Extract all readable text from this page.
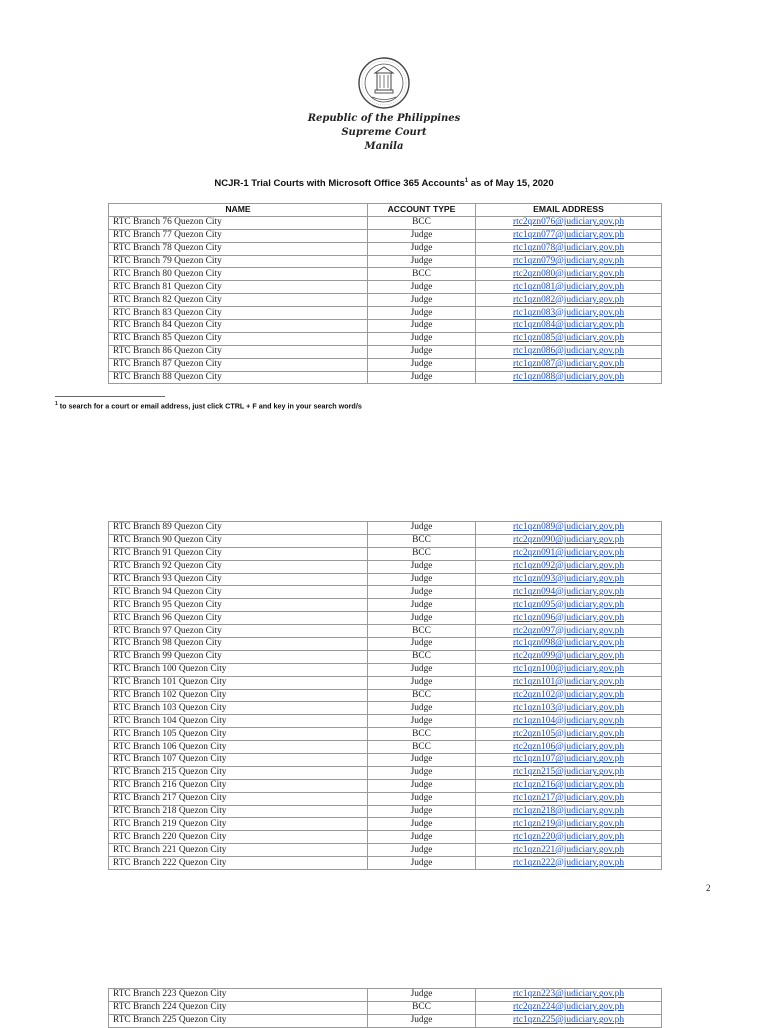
Republic of the Philippines
Supreme Court
Manila
NCJR-1 Trial Courts with Microsoft Office 365 Accounts$^1$ as of May 15, 2020
NAME	ACCOUNT TYPE	EMAIL ADDRESS
RTC Branch 76 Quezon City	BCC	rtc2qzn076@judiciary.gov.ph
RTC Branch 77 Quezon City	Judge	rtc1qzn077@judiciary.gov.ph
RTC Branch 78 Quezon City	Judge	rtc1qzn078@judiciary.gov.ph
RTC Branch 79 Quezon City	Judge	rtc1qzn079@judiciary.gov.ph
RTC Branch 80 Quezon City	BCC	rtc2qzn080@judiciary.gov.ph
RTC Branch 81 Quezon City	Judge	rtc1qzn081@judiciary.gov.ph
RTC Branch 82 Quezon City	Judge	rtc1qzn082@judiciary.gov.ph
RTC Branch 83 Quezon City	Judge	rtc1qzn083@judiciary.gov.ph
RTC Branch 84 Quezon City	Judge	rtc1qzn084@judiciary.gov.ph
RTC Branch 85 Quezon City	Judge	rtc1qzn085@judiciary.gov.ph
RTC Branch 86 Quezon City	Judge	rtc1qzn086@judiciary.gov.ph
RTC Branch 87 Quezon City	Judge	rtc1qzn087@judiciary.gov.ph
RTC Branch 88 Quezon City	Judge	rtc1qzn088@judiciary.gov.ph
$^1$ to search for a court or email address, just click CTRL + F and key in your search word/s
RTC Branch 89 Quezon City	Judge	rtc1qzn089@judiciary.gov.ph
RTC Branch 90 Quezon City	BCC	rtc2qzn090@judiciary.gov.ph
RTC Branch 91 Quezon City	BCC	rtc2qzn091@judiciary.gov.ph
RTC Branch 92 Quezon City	Judge	rtc1qzn092@judiciary.gov.ph
RTC Branch 93 Quezon City	Judge	rtc1qzn093@judiciary.gov.ph
RTC Branch 94 Quezon City	Judge	rtc1qzn094@judiciary.gov.ph
RTC Branch 95 Quezon City	Judge	rtc1qzn095@judiciary.gov.ph
RTC Branch 96 Quezon City	Judge	rtc1qzn096@judiciary.gov.ph
RTC Branch 97 Quezon City	BCC	rtc2qzn097@judiciary.gov.ph
RTC Branch 98 Quezon City	Judge	rtc1qzn098@judiciary.gov.ph
RTC Branch 99 Quezon City	BCC	rtc2qzn099@judiciary.gov.ph
RTC Branch 100 Quezon City	Judge	rtc1qzn100@judiciary.gov.ph
RTC Branch 101 Quezon City	Judge	rtc1qzn101@judiciary.gov.ph
RTC Branch 102 Quezon City	BCC	rtc2qzn102@judiciary.gov.ph
RTC Branch 103 Quezon City	Judge	rtc1qzn103@judiciary.gov.ph
RTC Branch 104 Quezon City	Judge	rtc1qzn104@judiciary.gov.ph
RTC Branch 105 Quezon City	BCC	rtc2qzn105@judiciary.gov.ph
RTC Branch 106 Quezon City	BCC	rtc2qzn106@judiciary.gov.ph
RTC Branch 107 Quezon City	Judge	rtc1qzn107@judiciary.gov.ph
RTC Branch 215 Quezon City	Judge	rtc1qzn215@judiciary.gov.ph
RTC Branch 216 Quezon City	Judge	rtc1qzn216@judiciary.gov.ph
RTC Branch 217 Quezon City	Judge	rtc1qzn217@judiciary.gov.ph
RTC Branch 218 Quezon City	Judge	rtc1qzn218@judiciary.gov.ph
RTC Branch 219 Quezon City	Judge	rtc1qzn219@judiciary.gov.ph
RTC Branch 220 Quezon City	Judge	rtc1qzn220@judiciary.gov.ph
RTC Branch 221 Quezon City	Judge	rtc1qzn221@judiciary.gov.ph
RTC Branch 222 Quezon City	Judge	rtc1qzn222@judiciary.gov.ph
2
RTC Branch 223 Quezon City	Judge	rtc1qzn223@judiciary.gov.ph
RTC Branch 224 Quezon City	BCC	rtc2qzn224@judiciary.gov.ph
RTC Branch 225 Quezon City	Judge	rtc1qzn225@judiciary.gov.ph
